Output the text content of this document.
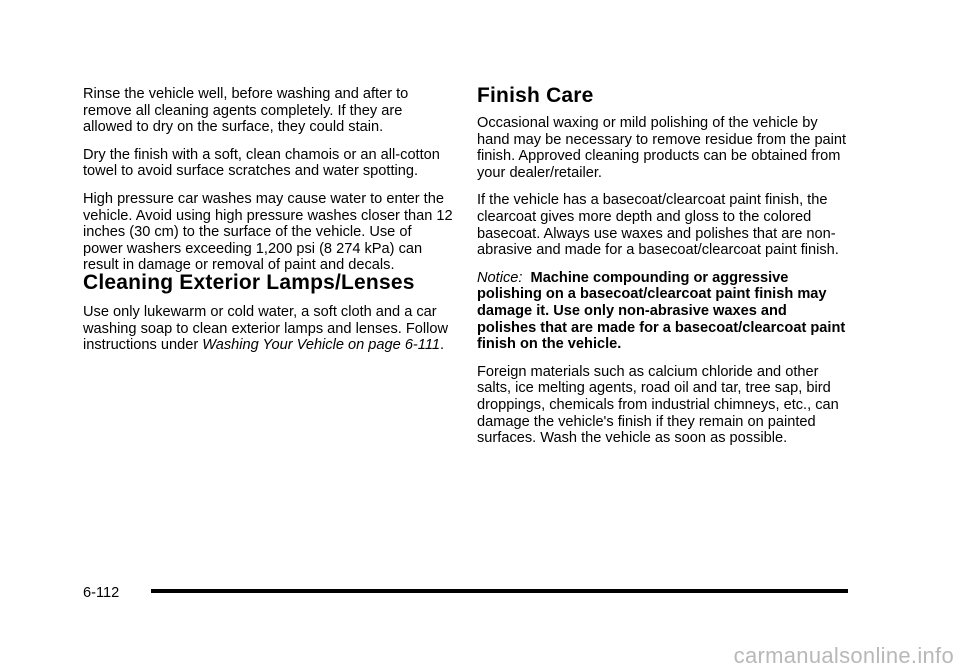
Rinse the vehicle well, before washing and after to remove all cleaning agents completely. If they are allowed to dry on the surface, they could stain.

Dry the finish with a soft, clean chamois or an all-cotton towel to avoid surface scratches and water spotting.

High pressure car washes may cause water to enter the vehicle. Avoid using high pressure washes closer than 12 inches (30 cm) to the surface of the vehicle. Use of power washers exceeding 1,200 psi (8 274 kPa) can result in damage or removal of paint and decals.

Cleaning Exterior Lamps/Lenses

Use only lukewarm or cold water, a soft cloth and a car washing soap to clean exterior lamps and lenses. Follow instructions under Washing Your Vehicle on page 6-111.

Finish Care

Occasional waxing or mild polishing of the vehicle by hand may be necessary to remove residue from the paint finish. Approved cleaning products can be obtained from your dealer/retailer.

If the vehicle has a basecoat/clearcoat paint finish, the clearcoat gives more depth and gloss to the colored basecoat. Always use waxes and polishes that are non-abrasive and made for a basecoat/clearcoat paint finish.

Notice: Machine compounding or aggressive polishing on a basecoat/clearcoat paint finish may damage it. Use only non-abrasive waxes and polishes that are made for a basecoat/clearcoat paint finish on the vehicle.

Foreign materials such as calcium chloride and other salts, ice melting agents, road oil and tar, tree sap, bird droppings, chemicals from industrial chimneys, etc., can damage the vehicle's finish if they remain on painted surfaces. Wash the vehicle as soon as possible.

6-112
carmanualsonline.info
